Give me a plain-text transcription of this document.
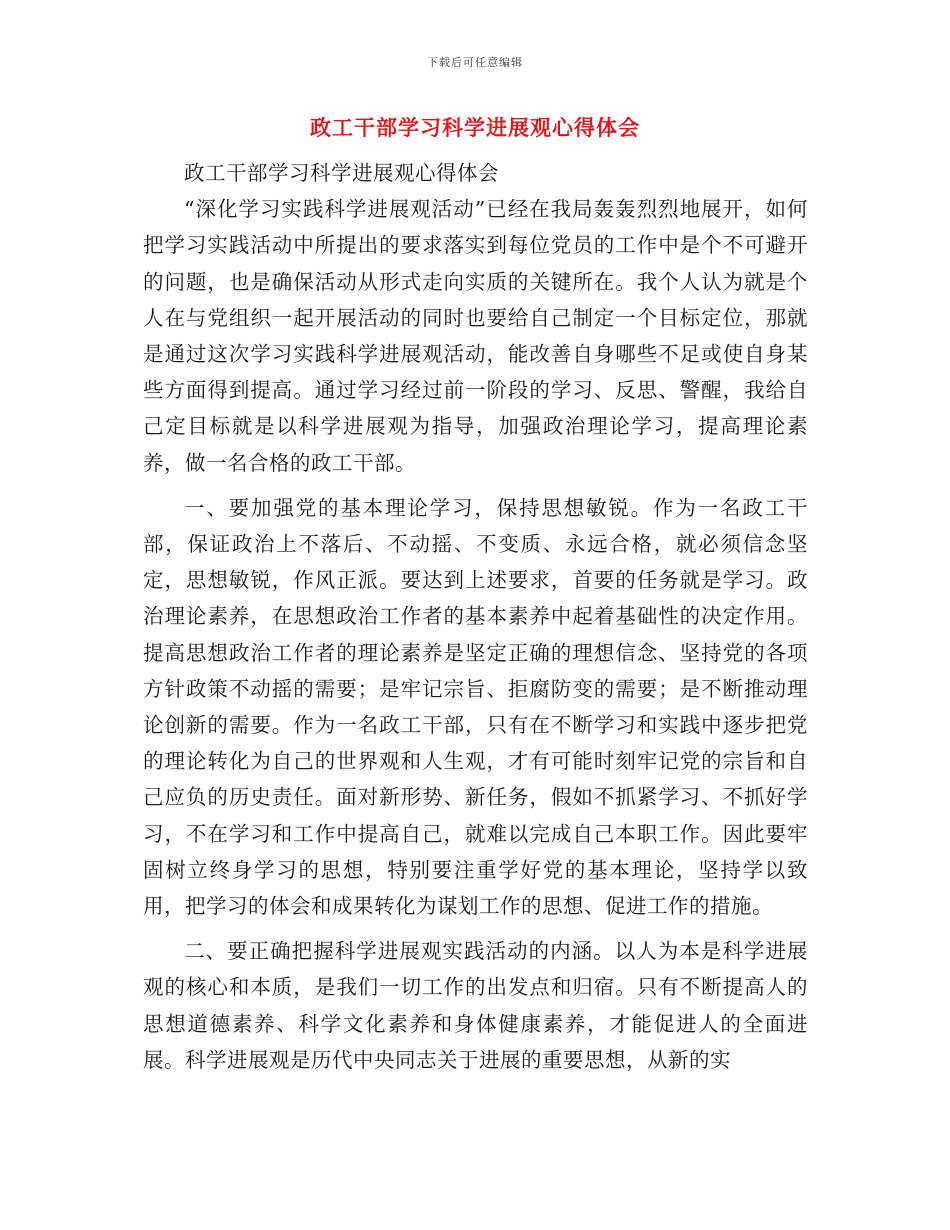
下载后可任意编辑
政工干部学习科学进展观心得体会

政工干部学习科学进展观心得体会

“深化学习实践科学进展观活动”已经在我局轰轰烈烈地展开，如何把学习实践活动中所提出的要求落实到每位党员的工作中是个不可避开的问题，也是确保活动从形式走向实质的关键所在。我个人认为就是个人在与党组织一起开展活动的同时也要给自己制定一个目标定位，那就是通过这次学习实践科学进展观活动，能改善自身哪些不足或使自身某些方面得到提高。通过学习经过前一阶段的学习、反思、警醒，我给自己定目标就是以科学进展观为指导，加强政治理论学习，提高理论素养，做一名合格的政工干部。

一、要加强党的基本理论学习，保持思想敏锐。作为一名政工干部，保证政治上不落后、不动摇、不变质、永远合格，就必须信念坚定，思想敏锐，作风正派。要达到上述要求，首要的任务就是学习。政治理论素养，在思想政治工作者的基本素养中起着基础性的决定作用。提高思想政治工作者的理论素养是坚定正确的理想信念、坚持党的各项方针政策不动摇的需要；是牢记宗旨、拒腐防变的需要；是不断推动理论创新的需要。作为一名政工干部，只有在不断学习和实践中逐步把党的理论转化为自己的世界观和人生观，才有可能时刻牢记党的宗旨和自己应负的历史责任。面对新形势、新任务，假如不抓紧学习、不抓好学习，不在学习和工作中提高自己，就难以完成自己本职工作。因此要牢固树立终身学习的思想，特别要注重学好党的基本理论，坚持学以致用，把学习的体会和成果转化为谋划工作的思想、促进工作的措施。

二、要正确把握科学进展观实践活动的内涵。以人为本是科学进展观的核心和本质，是我们一切工作的出发点和归宿。只有不断提高人的思想道德素养、科学文化素养和身体健康素养，才能促进人的全面进展。科学进展观是历代中央同志关于进展的重要思想，从新的实
